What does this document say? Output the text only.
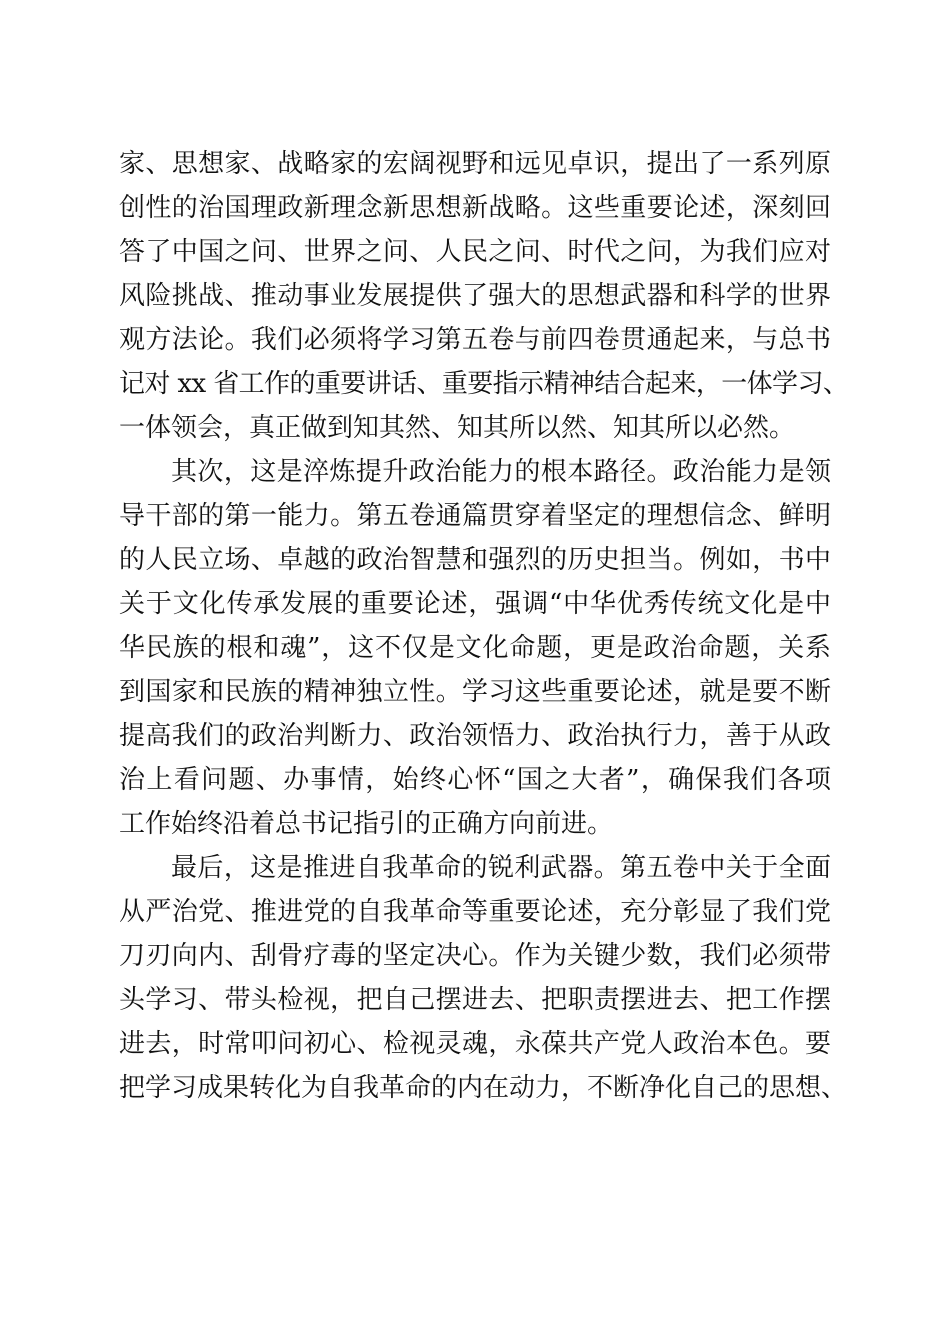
家、思想家、战略家的宏阔视野和远见卓识，提出了一系列原
创性的治国理政新理念新思想新战略。这些重要论述，深刻回
答了中国之问、世界之问、人民之问、时代之问，为我们应对
风险挑战、推动事业发展提供了强大的思想武器和科学的世界
观方法论。我们必须将学习第五卷与前四卷贯通起来，与总书
记对 xx 省工作的重要讲话、重要指示精神结合起来，一体学习、
一体领会，真正做到知其然、知其所以然、知其所以必然。
其次，这是淬炼提升政治能力的根本路径。政治能力是领
导干部的第一能力。第五卷通篇贯穿着坚定的理想信念、鲜明
的人民立场、卓越的政治智慧和强烈的历史担当。例如，书中
关于文化传承发展的重要论述，强调“中华优秀传统文化是中
华民族的根和魂”，这不仅是文化命题，更是政治命题，关系
到国家和民族的精神独立性。学习这些重要论述，就是要不断
提高我们的政治判断力、政治领悟力、政治执行力，善于从政
治上看问题、办事情，始终心怀“国之大者”，确保我们各项
工作始终沿着总书记指引的正确方向前进。
最后，这是推进自我革命的锐利武器。第五卷中关于全面
从严治党、推进党的自我革命等重要论述，充分彰显了我们党
刀刃向内、刮骨疗毒的坚定决心。作为关键少数，我们必须带
头学习、带头检视，把自己摆进去、把职责摆进去、把工作摆
进去，时常叩问初心、检视灵魂，永葆共产党人政治本色。要
把学习成果转化为自我革命的内在动力，不断净化自己的思想、
